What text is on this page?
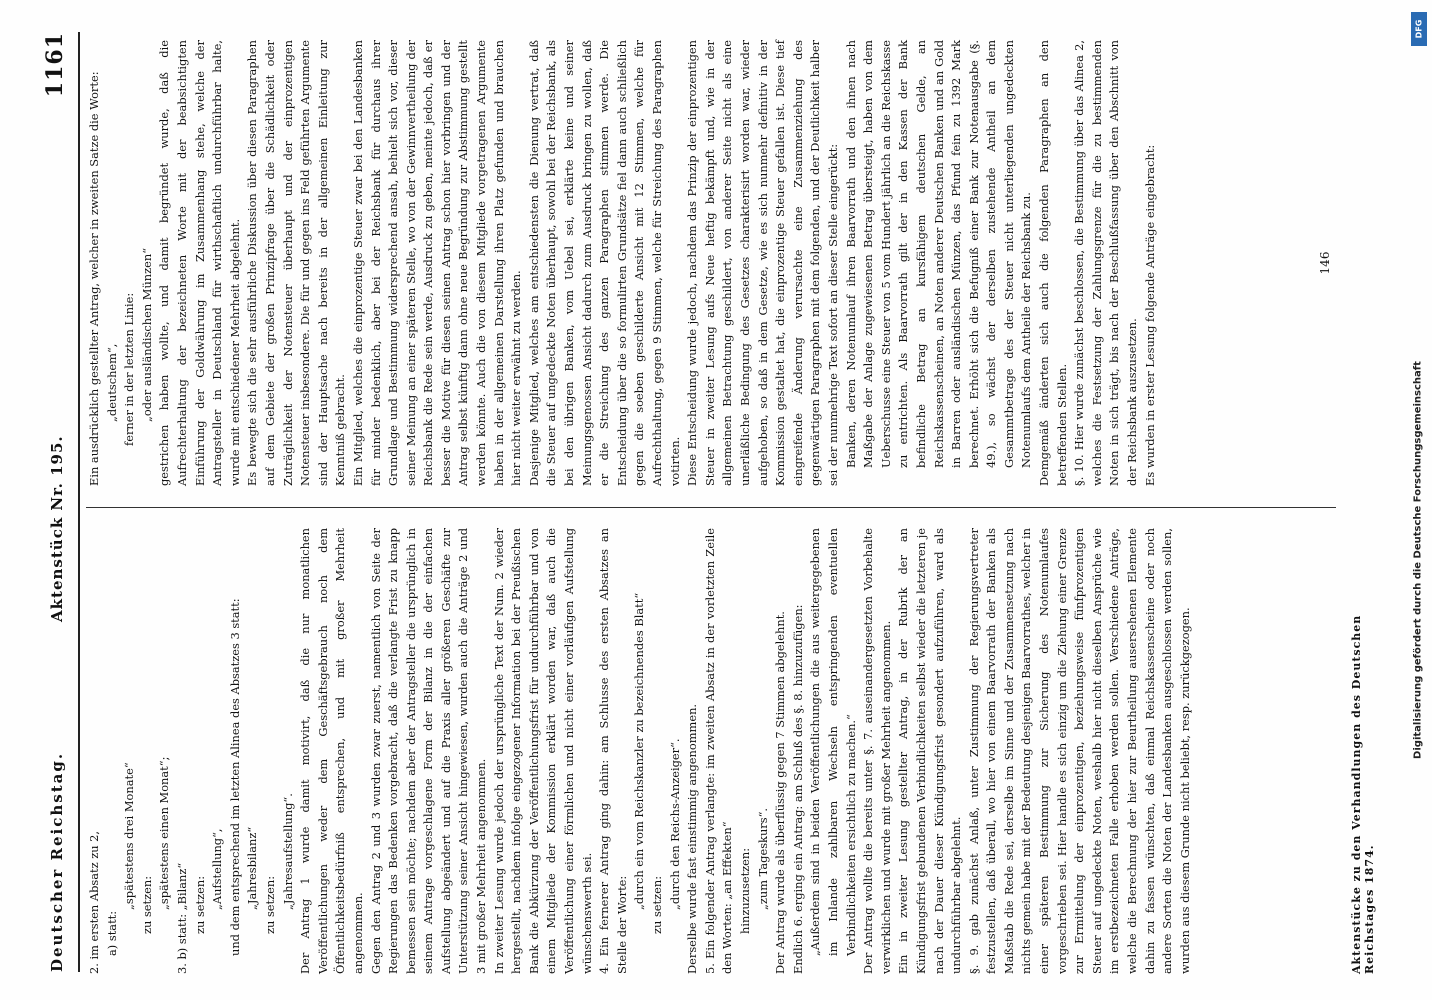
Deutscher Reichstag.
Aktenstück Nr. 195.
1161

2. im ersten Absatz zu 2, a) statt:

„spätestens drei Monate“ zu setzen: „spätestens einen Monat“;

3. b) statt: „Bilanz“ zu setzen: „Aufstellung“, und dem entsprechend im letzten Alinea des Absatzes 3 statt: „Jahresbilanz“ zu setzen: „Jahresaufstellung“. Der Antrag 1 wurde damit motivirt, daß die nur monatlichen Veröffentlichungen weder dem Geschäftsgebrauch noch dem Öffentlichkeitsbedürfniß entsprechen, und mit großer Mehrheit angenommen. Gegen den Antrag 2 und 3 wurden zwar zuerst, namentlich von Seite der Regierungen das Bedenken vorgebracht, daß die verlangte Frist zu knapp bemessen sein möchte; nachdem aber der Antragsteller die ursprünglich in seinem Antrage vorgeschlagene Form der Bilanz in die der einfachen Aufstellung abgeändert und auf die Praxis aller größeren Geschäfte zur Unterstützung seiner Ansicht hingewiesen, wurden auch die Anträge 2 und 3 mit großer Mehrheit angenommen. In zweiter Lesung wurde jedoch der ursprüngliche Text der Num. 2 wieder hergestellt, nachdem infolge eingezogener Information bei der Preußischen Bank die Abkürzung der Veröffentlichungsfrist für undurchführbar und von einem Mitgliede der Kommission erklärt worden war, daß auch die Veröffentlichung einer förmlichen und nicht einer vorläufigen Aufstellung wünschenswerth sei. 4. Ein fernerer Antrag ging dahin: am Schlusse des ersten Absatzes an Stelle der Worte:

„durch ein vom Reichskanzler zu bezeichnendes Blatt“ zu setzen: „durch den Reichs-Anzeiger“. Derselbe wurde fast einstimmig angenommen. 5. Ein folgender Antrag verlangte: im zweiten Absatz in der vorletzten Zeile den Worten: „an Effekten“ hinzuzusetzen: „zum Tageskurs“. Der Antrag wurde als überflüssig gegen 7 Stimmen abgelehnt. Endlich 6. erging ein Antrag: am Schluß des §. 8. hinzuzufügen: „Außerdem sind in beiden Veröffentlichungen die aus weitergegebenen im Inlande zahlbaren Wechseln entspringenden eventuellen Verbindlichkeiten ersichtlich zu machen.“ Der Antrag wollte die bereits unter §. 7. auseinandergesetzten Vorbehalte verwirklichen und wurde mit großer Mehrheit angenommen. Ein in zweiter Lesung gestellter Antrag, in der Rubrik der an Kündigungsfrist gebundenen Verbindlichkeiten selbst wieder die letzteren je nach der Dauer dieser Kündigungsfrist gesondert aufzuführen, ward als undurchführbar abgelehnt. §. 9. gab zunächst Anlaß, unter Zustimmung der Regierungsvertreter festzustellen, daß überall, wo hier von einem Baarvorrath der Banken als Maßstab die Rede sei, derselbe im Sinne und der Zusammensetzung nach nichts gemein habe mit der Bedeutung desjenigen Baarvorrathes, welcher in einer späteren Bestimmung zur Sicherung des Notenumlaufes vorgeschrieben sei. Hier handle es sich einzig um die Ziehung einer Grenze zur Ermittelung der einprozentigen, beziehungsweise fünfprozentigen Steuer auf ungedeckte Noten, weshalb hier nicht dieselben Ansprüche wie im erstbezeichneten Falle erhoben werden sollen. Verschiedene Anträge, welche die Berechnung der hier zur Beurtheilung ausersehenen Elemente dahin zu fassen wünschten, daß einmal Reichskassenscheine oder noch andere Sorten die Noten der Landesbanken ausgeschlossen werden sollen, wurden aus diesem Grunde nicht beliebt, resp. zurückgezogen.

Ein ausdrücklich gestellter Antrag, welcher in zweiten Satze die Worte: „deutschem“, ferner in der letzten Linie: „oder ausländischen Münzen“ gestrichen haben wollte, und damit begründet wurde, daß die Aufrechterhaltung der bezeichneten Worte mit der beabsichtigten Einführung der Goldwährung im Zusammenhang stehe, welche der Antragsteller in Deutschland für wirthschaftlich undurchführbar halte, wurde mit entschiedener Mehrheit abgelehnt. Es bewegte sich die sehr ausführliche Diskussion über diesen Paragraphen auf dem Gebiete der großen Prinzipfrage über die Schädlichkeit oder Zuträglichkeit der Notensteuer überhaupt und der einprozentigen Notensteuer insbesondere. Die für und gegen ins Feld geführten Argumente sind der Hauptsache nach bereits in der allgemeinen Einleitung zur Kenntniß gebracht. Ein Mitglied, welches die einprozentige Steuer zwar bei den Landesbanken für minder bedenklich, aber bei der Reichsbank für durchaus ihrer Grundlage und Bestimmung widersprechend ansah, behielt sich vor, dieser seiner Meinung an einer späteren Stelle, wo von der Gewinnvertheilung der Reichsbank die Rede sein werde, Ausdruck zu geben, meinte jedoch, daß er besser die Motive für diesen seinen Antrag schon hier vorbringen und der Antrag selbst künftig dann ohne neue Begründung zur Abstimmung gestellt werden könnte. Auch die von diesem Mitgliede vorgetragenen Argumente haben in der allgemeinen Darstellung ihren Platz gefunden und brauchen hier nicht weiter erwähnt zu werden. Dasjenige Mitglied, welches am entschiedensten die Dienung vertrat, daß die Steuer auf ungedeckte Noten überhaupt, sowohl bei der Reichsbank, als bei den übrigen Banken, vom Uebel sei, erklärte keine und seiner Meinungsgenossen Ansicht dadurch zum Ausdruck bringen zu wollen, daß er die Streichung des ganzen Paragraphen stimmen werde. Die Entscheidung über die so formulirten Grundsätze fiel dann auch schließlich gegen die soeben geschilderte Ansicht mit 12 Stimmen, welche für Aufrechthaltung, gegen 9 Stimmen, welche für Streichung des Paragraphen votirten. Diese Entscheidung wurde jedoch, nachdem das Prinzip der einprozentigen Steuer in zweiter Lesung aufs Neue heftig bekämpft und, wie in der allgemeinen Betrachtung geschildert, von anderer Seite nicht als eine unerläßliche Bedingung des Gesetzes charakterisirt worden war, wieder aufgehoben, so daß in dem Gesetze, wie es sich nunmehr definitiv in der Kommission gestaltet hat, die einprozentige Steuer gefallen ist. Diese tief eingreifende Änderung verursachte eine Zusammenziehung des gegenwärtigen Paragraphen mit dem folgenden, und der Deutlichkeit halber sei der nunmehrige Text sofort an dieser Stelle eingerückt: Banken, deren Notenumlauf ihren Baarvorrath und den ihnen nach Maßgabe der Anlage zugewiesenen Betrag übersteigt, haben von dem Ueberschusse eine Steuer von 5 vom Hundert jährlich an die Reichskasse zu entrichten. Als Baarvorrath gilt der in den Kassen der Bank befindliche Betrag an kursfähigem deutschen Gelde, an Reichskassenscheinen, an Noten anderer Deutschen Banken und an Gold in Barren oder ausländischen Münzen, das Pfund fein zu 1392 Mark berechnet. Erhöht sich die Befugniß einer Bank zur Notenausgabe (§. 49.), so wächst der derselben zustehende Antheil an dem Gesammtbetrage des der Steuer nicht unterliegenden ungedeckten Notenumlaufs dem Antheile der Reichsbank zu. Demgemäß änderten sich auch die folgenden Paragraphen an den betreffenden Stellen. §. 10. Hier wurde zunächst beschlossen, die Bestimmung über das Alinea 2, welches die Festsetzung der Zahlungsgrenze für die zu bestimmenden Noten in sich trägt, bis nach der Beschlußfassung über den Abschnitt von der Reichsbank auszusetzen. Es wurden in erster Lesung folgende Anträge eingebracht:

Aktenstücke zu den Verhandlungen des Deutschen Reichstages 1874.
146
DFG
Digitalisierung gefördert durch die Deutsche Forschungsgemeinschaft
